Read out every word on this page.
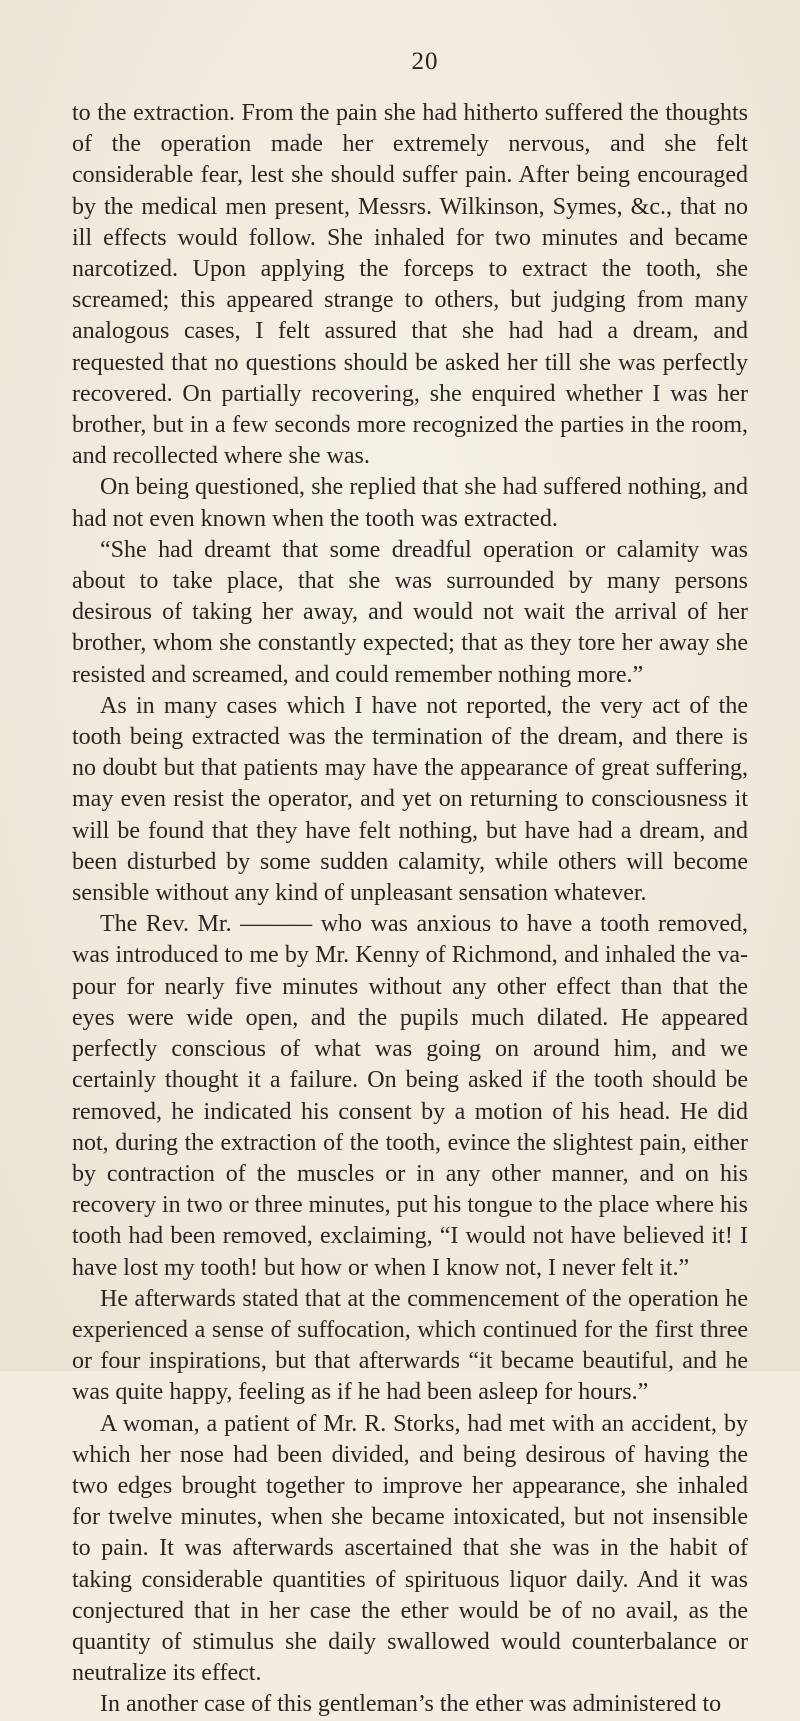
20

to the extraction. From the pain she had hitherto suffered the thoughts of the operation made her extremely nervous, and she felt considerable fear, lest she should suffer pain. After being encouraged by the medical men present, Messrs. Wilkinson, Symes, &c., that no ill effects would follow. She inhaled for two minutes and became narcotized. Upon applying the forceps to extract the tooth, she screamed; this appeared strange to others, but judging from many analogous cases, I felt assured that she had had a dream, and requested that no questions should be asked her till she was perfectly recovered. On partially recovering, she enquired whether I was her brother, but in a few seconds more recognized the parties in the room, and recollected where she was.

On being questioned, she replied that she had suffered nothing, and had not even known when the tooth was extracted.

“She had dreamt that some dreadful operation or calamity was about to take place, that she was surrounded by many persons desirous of taking her away, and would not wait the arrival of her brother, whom she constantly expected; that as they tore her away she resisted and screamed, and could remember nothing more.”

As in many cases which I have not reported, the very act of the tooth being extracted was the termination of the dream, and there is no doubt but that patients may have the appearance of great suffering, may even resist the operator, and yet on returning to consciousness it will be found that they have felt nothing, but have had a dream, and been disturbed by some sudden calamity, while others will become sensible without any kind of unpleasant sensation whatever.

The Rev. Mr. ——— who was anxious to have a tooth removed, was introduced to me by Mr. Kenny of Richmond, and inhaled the vapour for nearly five minutes without any other effect than that the eyes were wide open, and the pupils much dilated. He appeared perfectly conscious of what was going on around him, and we certainly thought it a failure. On being asked if the tooth should be removed, he indicated his consent by a motion of his head. He did not, during the extraction of the tooth, evince the slightest pain, either by contraction of the muscles or in any other manner, and on his recovery in two or three minutes, put his tongue to the place where his tooth had been removed, exclaiming, “I would not have believed it! I have lost my tooth! but how or when I know not, I never felt it.”

He afterwards stated that at the commencement of the operation he experienced a sense of suffocation, which continued for the first three or four inspirations, but that afterwards “it became beautiful, and he was quite happy, feeling as if he had been asleep for hours.”

A woman, a patient of Mr. R. Storks, had met with an accident, by which her nose had been divided, and being desirous of having the two edges brought together to improve her appearance, she inhaled for twelve minutes, when she became intoxicated, but not insensible to pain. It was afterwards ascertained that she was in the habit of taking considerable quantities of spirituous liquor daily. And it was conjectured that in her case the ether would be of no avail, as the quantity of stimulus she daily swallowed would counterbalance or neutralize its effect.

In another case of this gentleman’s the ether was administered to
